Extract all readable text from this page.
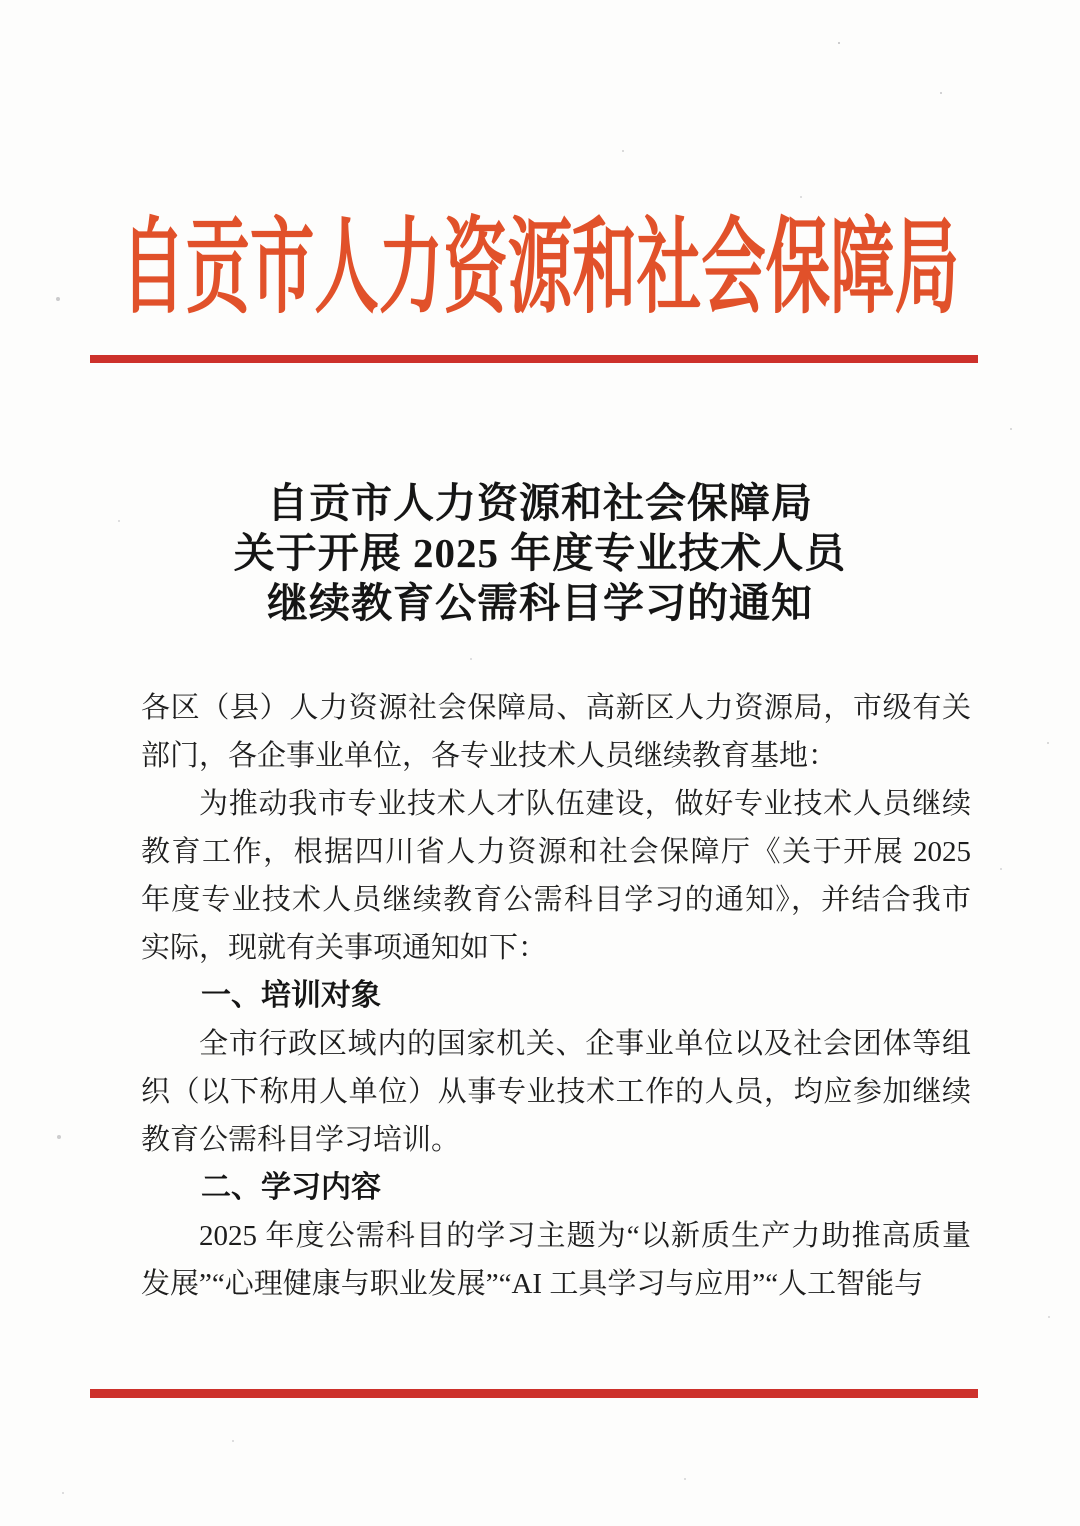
自贡市人力资源和社会保障局
自贡市人力资源和社会保障局
关于开展 2025 年度专业技术人员
继续教育公需科目学习的通知

各区（县）人力资源社会保障局、高新区人力资源局，市级有关
部门，各企事业单位，各专业技术人员继续教育基地：

为推动我市专业技术人才队伍建设，做好专业技术人员继续
教育工作，根据四川省人力资源和社会保障厅《关于开展 2025
年度专业技术人员继续教育公需科目学习的通知》，并结合我市
实际，现就有关事项通知如下：

一、培训对象

全市行政区域内的国家机关、企事业单位以及社会团体等组
织（以下称用人单位）从事专业技术工作的人员，均应参加继续
教育公需科目学习培训。

二、学习内容

2025 年度公需科目的学习主题为“以新质生产力助推高质量
发展”“心理健康与职业发展”“AI 工具学习与应用”“人工智能与
